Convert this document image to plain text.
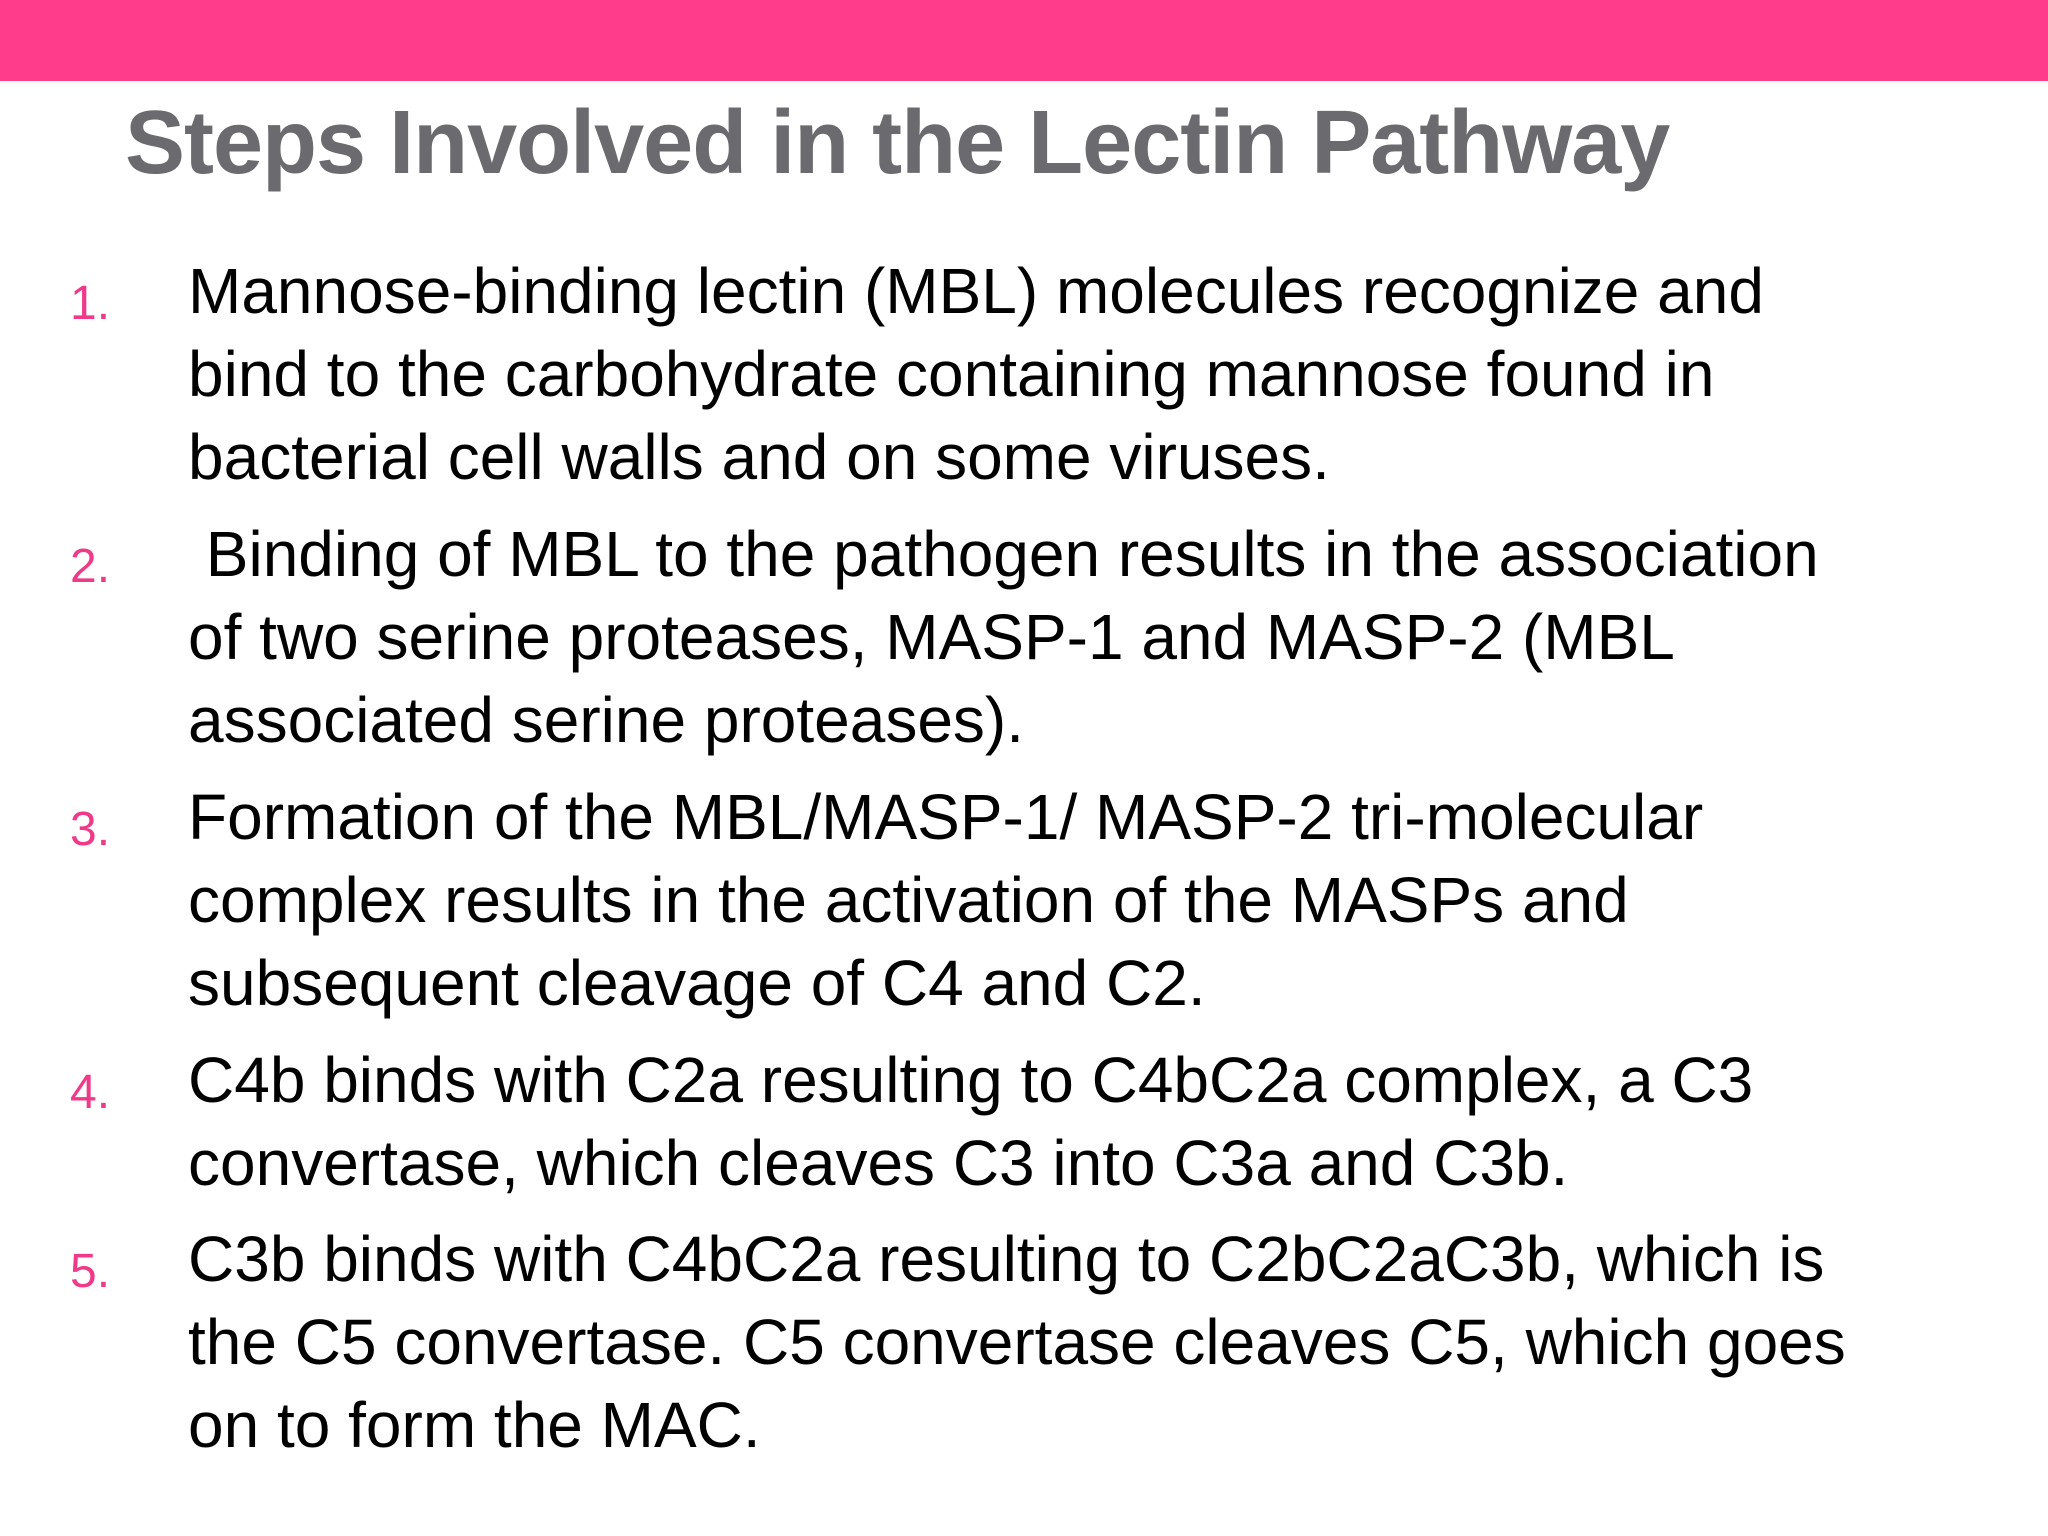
Steps Involved in the Lectin Pathway
1. Mannose-binding lectin (MBL) molecules recognize and
bind to the carbohydrate containing mannose found in
bacterial cell walls and on some viruses.
2. Binding of MBL to the pathogen results in the association
of two serine proteases, MASP-1 and MASP-2 (MBL
associated serine proteases).
3. Formation of the MBL/MASP-1/ MASP-2 tri-molecular
complex results in the activation of the MASPs and
subsequent cleavage of C4 and C2.
4. C4b binds with C2a resulting to C4bC2a complex, a C3
convertase, which cleaves C3 into C3a and C3b.
5. C3b binds with C4bC2a resulting to C2bC2aC3b, which is
the C5 convertase. C5 convertase cleaves C5, which goes
on to form the MAC.
